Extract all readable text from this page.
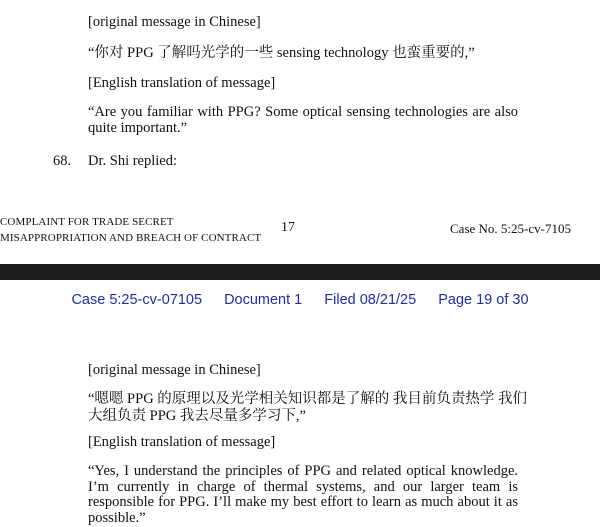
[original message in Chinese]
“你对 PPG 了解吗光学的一些 sensing technology 也蛮重要的,”
[English translation of message]
“Are you familiar with PPG? Some optical sensing technologies are also quite important.”
68. Dr. Shi replied:
COMPLAINT FOR TRADE SECRET
MISAPPROPRIATION AND BREACH OF CONTRACT
17	Case No. 5:25-cv-7105
Case 5:25-cv-07105 Document 1 Filed 08/21/25 Page 19 of 30
[original message in Chinese]
“嗯嗯 PPG 的原理以及光学相关知识都是了解的 我目前负责热学 我们
大组负责 PPG 我去尽量多学习下,”
[English translation of message]
“Yes, I understand the principles of PPG and related optical knowledge. I’m currently in charge of thermal systems, and our larger team is responsible for PPG. I’ll make my best effort to learn as much about it as possible.”
